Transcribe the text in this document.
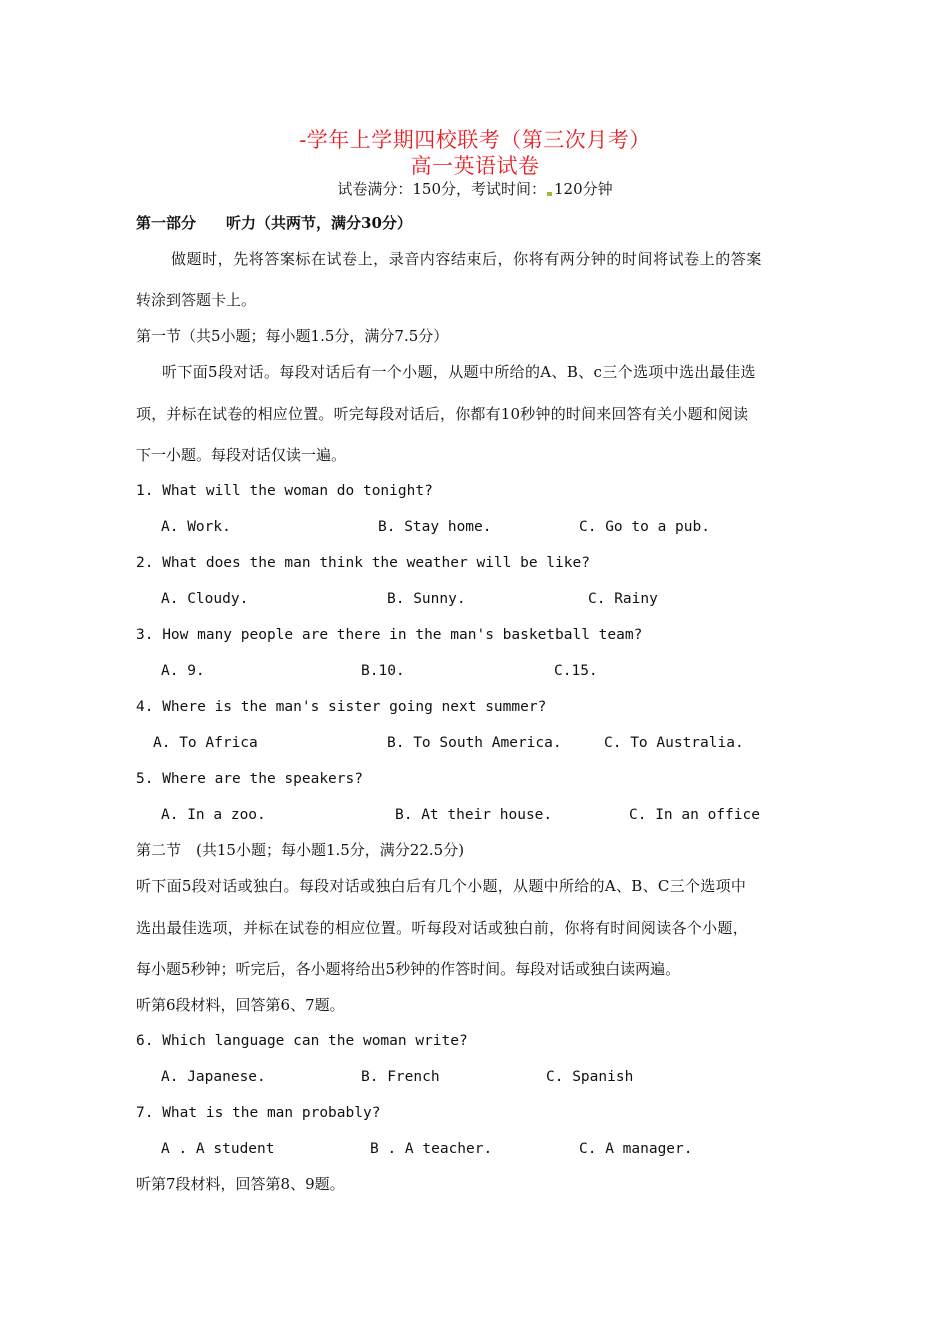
-学年上学期四校联考（第三次月考）
高一英语试卷
试卷满分：150分，考试时间： 120分钟
第一部分　　听力（共两节，满分30分）
做题时，先将答案标在试卷上，录音内容结束后，你将有两分钟的时间将试卷上的答案
转涂到答题卡上。
第一节（共5小题；每小题1.5分，满分7.5分）
听下面5段对话。每段对话后有一个小题，从题中所给的A、B、c三个选项中选出最佳选
项，并标在试卷的相应位置。听完每段对话后，你都有10秒钟的时间来回答有关小题和阅读
下一小题。每段对话仅读一遍。
1. What will the woman do tonight?
A. Work.	B. Stay home.	C. Go to a pub.
2. What does the man think the weather will be like?
A. Cloudy.	B. Sunny.	C. Rainy
3. How many people are there in the man's basketball team?
A. 9.	B.10.	C.15.
4. Where is the man's sister going next summer?
A. To Africa	B. To South America.	C. To Australia.
5. Where are the speakers?
A. In a zoo.	B. At their house.	C. In an office
第二节　(共15小题；每小题1.5分，满分22.5分)
听下面5段对话或独白。每段对话或独白后有几个小题，从题中所给的A、B、C三个选项中
选出最佳选项，并标在试卷的相应位置。听每段对话或独白前，你将有时间阅读各个小题，
每小题5秒钟；听完后，各小题将给出5秒钟的作答时间。每段对话或独白读两遍。
听第6段材料，回答第6、7题。
6. Which language can the woman write?
A. Japanese.	B. French	C. Spanish
7. What is the man probably?
A . A student	B . A teacher.	C. A manager.
听第7段材料，回答第8、9题。
